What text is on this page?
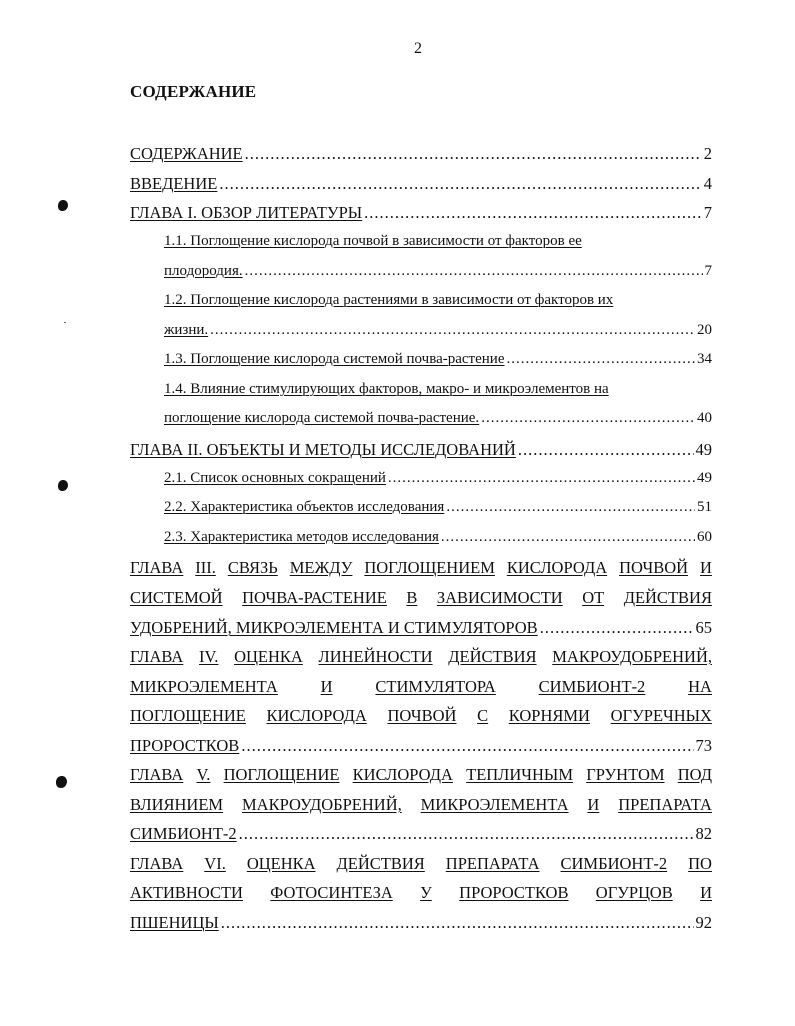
2
СОДЕРЖАНИЕ
СОДЕРЖАНИЕ .....	2
ВВЕДЕНИЕ .....	4
ГЛАВА I. ОБЗОР ЛИТЕРАТУРЫ .....	7
1.1. Поглощение кислорода почвой в зависимости от факторов ее
плодородия. .....	7
1.2. Поглощение кислорода растениями в зависимости от факторов их
жизни. .....	20
1.3. Поглощение кислорода системой почва-растение .....	34
1.4. Влияние стимулирующих факторов, макро- и микроэлементов на
поглощение кислорода системой почва-растение. .....	40
ГЛАВА II. ОБЪЕКТЫ И МЕТОДЫ ИССЛЕДОВАНИЙ .....	49
2.1. Список основных сокращений .....	49
2.2. Характеристика объектов исследования .....	51
2.3. Характеристика методов исследования .....	60
ГЛАВА III. СВЯЗЬ МЕЖДУ ПОГЛОЩЕНИЕМ КИСЛОРОДА ПОЧВОЙ И
СИСТЕМОЙ ПОЧВА-РАСТЕНИЕ В ЗАВИСИМОСТИ ОТ ДЕЙСТВИЯ
УДОБРЕНИЙ, МИКРОЭЛЕМЕНТА И СТИМУЛЯТОРОВ .....	65
ГЛАВА IV. ОЦЕНКА ЛИНЕЙНОСТИ ДЕЙСТВИЯ МАКРОУДОБРЕНИЙ,
МИКРОЭЛЕМЕНТА	И	СТИМУЛЯТОРА	СИМБИОНТ-2	НА
ПОГЛОЩЕНИЕ КИСЛОРОДА ПОЧВОЙ С КОРНЯМИ ОГУРЕЧНЫХ
ПРОРОСТКОВ .....	73
ГЛАВА V. ПОГЛОЩЕНИЕ КИСЛОРОДА ТЕПЛИЧНЫМ ГРУНТОМ ПОД
ВЛИЯНИЕМ МАКРОУДОБРЕНИЙ, МИКРОЭЛЕМЕНТА И ПРЕПАРАТА
СИМБИОНТ-2 .....	82
ГЛАВА VI. ОЦЕНКА ДЕЙСТВИЯ ПРЕПАРАТА СИМБИОНТ-2 ПО
АКТИВНОСТИ ФОТОСИНТЕЗА У ПРОРОСТКОВ ОГУРЦОВ И
ПШЕНИЦЫ .....	92
